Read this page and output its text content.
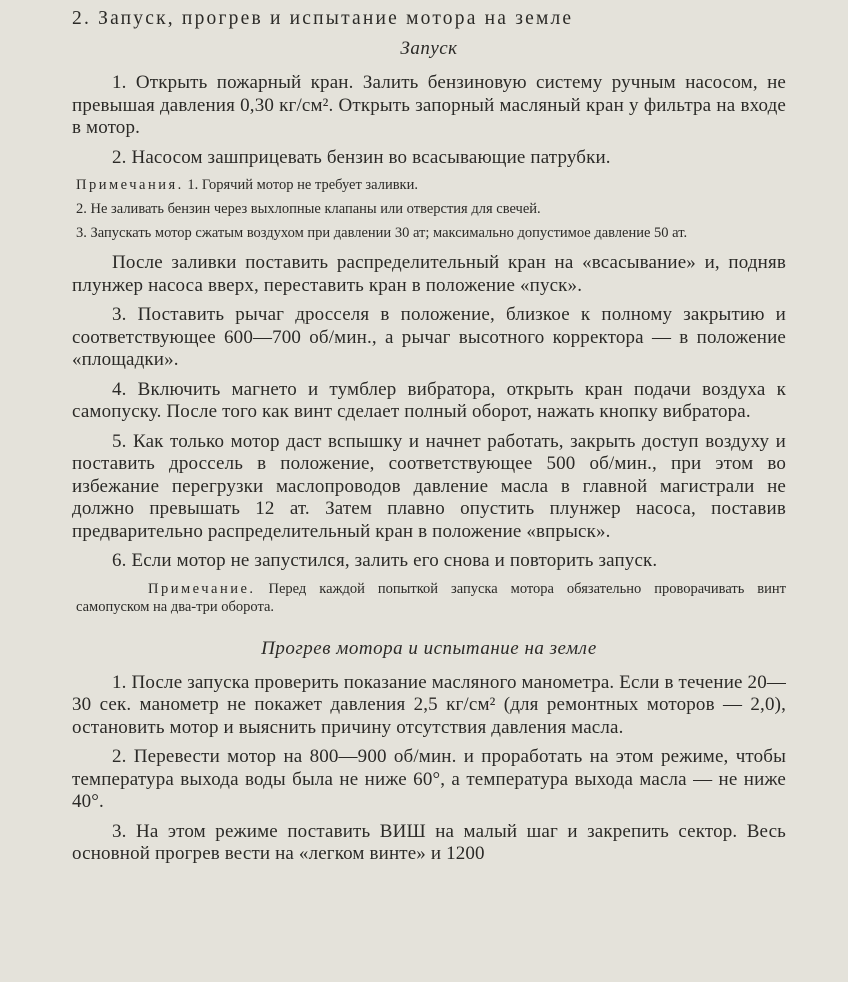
2. Запуск, прогрев и испытание мотора на земле
Запуск

1. Открыть пожарный кран. Залить бензиновую систему ручным насосом, не превышая давления 0,30 кг/см². Открыть запорный масляный кран у фильтра на входе в мотор.

2. Насосом зашприцевать бензин во всасывающие патрубки.

Примечания. 1. Горячий мотор не требует заливки.

2. Не заливать бензин через выхлопные клапаны или отверстия для свечей.

3. Запускать мотор сжатым воздухом при давлении 30 ат; максимально допустимое давление 50 ат.

После заливки поставить распределительный кран на «всасывание» и, подняв плунжер насоса вверх, переставить кран в положение «пуск».

3. Поставить рычаг дросселя в положение, близкое к полному закрытию и соответствующее 600—700 об/мин., а рычаг высотного корректора — в положение «площадки».

4. Включить магнето и тумблер вибратора, открыть кран подачи воздуха к самопуску. После того как винт сделает полный оборот, нажать кнопку вибратора.

5. Как только мотор даст вспышку и начнет работать, закрыть доступ воздуху и поставить дроссель в положение, соответствующее 500 об/мин., при этом во избежание перегрузки маслопроводов давление масла в главной магистрали не должно превышать 12 ат. Затем плавно опустить плунжер насоса, поставив предварительно распределительный кран в положение «впрыск».

6. Если мотор не запустился, залить его снова и повторить запуск.

Примечание. Перед каждой попыткой запуска мотора обязательно проворачивать винт самопуском на два-три оборота.

Прогрев мотора и испытание на земле

1. После запуска проверить показание масляного манометра. Если в течение 20—30 сек. манометр не покажет давления 2,5 кг/см² (для ремонтных моторов — 2,0), остановить мотор и выяснить причину отсутствия давления масла.

2. Перевести мотор на 800—900 об/мин. и проработать на этом режиме, чтобы температура выхода воды была не ниже 60°, а температура выхода масла — не ниже 40°.

3. На этом режиме поставить ВИШ на малый шаг и закрепить сектор. Весь основной прогрев вести на «легком винте» и 1200
